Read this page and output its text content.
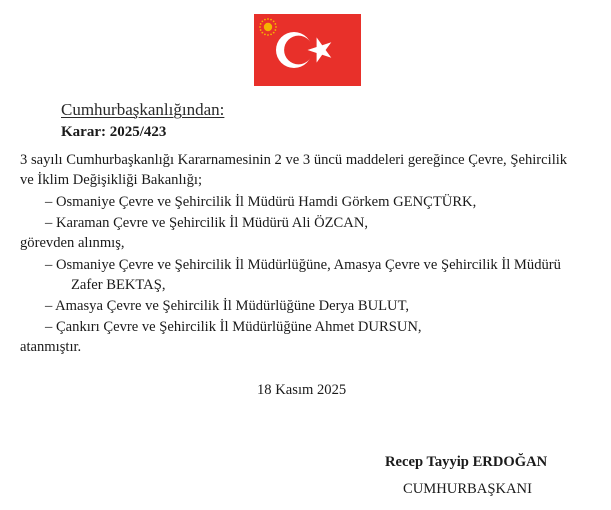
Cumhurbaşkanlığından:
Karar: 2025/423
3 sayılı Cumhurbaşkanlığı Kararnamesinin 2 ve 3 üncü maddeleri gereğince Çevre, Şehircilik
ve İklim Değişikliği Bakanlığı;
– Osmaniye Çevre ve Şehircilik İl Müdürü Hamdi Görkem GENÇTÜRK,
– Karaman Çevre ve Şehircilik İl Müdürü Ali ÖZCAN,
görevden alınmış,
– Osmaniye Çevre ve Şehircilik İl Müdürlüğüne, Amasya Çevre ve Şehircilik İl Müdürü
Zafer BEKTAŞ,
– Amasya Çevre ve Şehircilik İl Müdürlüğüne Derya BULUT,
– Çankırı Çevre ve Şehircilik İl Müdürlüğüne Ahmet DURSUN,
atanmıştır.
18 Kasım 2025
Recep Tayyip ERDOĞAN
CUMHURBAŞKANI
